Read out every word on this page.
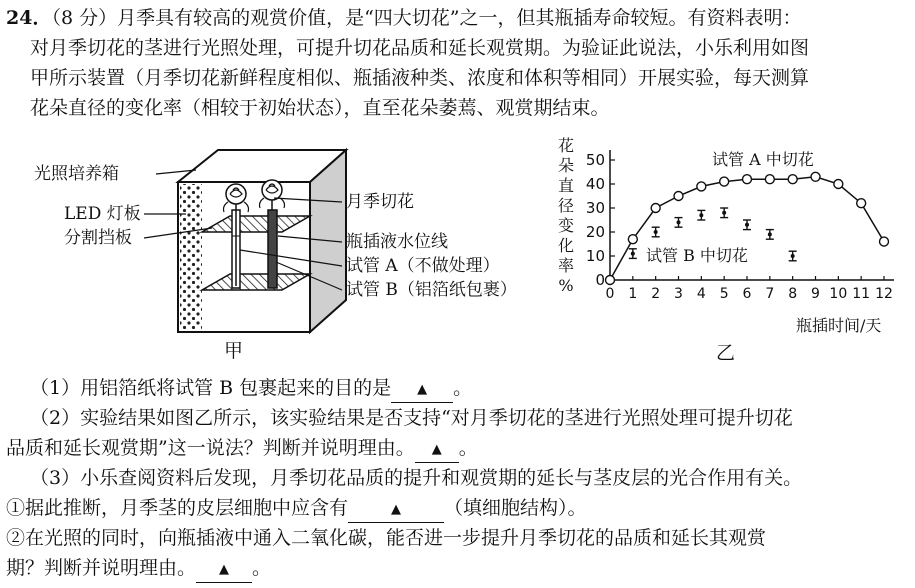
24．（8 分）月季具有较高的观赏价值，是“四大切花”之一，但其瓶插寿命较短。有资料表明：
对月季切花的茎进行光照处理，可提升切花品质和延长观赏期。为验证此说法，小乐利用如图
甲所示装置（月季切花新鲜程度相似、瓶插液种类、浓度和体积等相同）开展实验，每天测算
花朵直径的变化率（相较于初始状态），直至花朵萎蔫、观赏期结束。
光照培养箱
LED 灯板
分割挡板
月季切花
瓶插液水位线
试管 A（不做处理）
试管 B（铝箔纸包裹）
甲
花
朵
直
径
变
化
率
% 0
10
20
30
40
50
0 1 2 3 4 5 6 7 8 9 10 11 12
试管 A 中切花
试管 B 中切花
瓶插时间/天
乙
（1）用铝箔纸将试管 B 包裹起来的目的是 ▲ 。
（2）实验结果如图乙所示，该实验结果是否支持“对月季切花的茎进行光照处理可提升切花
品质和延长观赏期”这一说法？判断并说明理由。 ▲ 。
（3）小乐查阅资料后发现，月季切花品质的提升和观赏期的延长与茎皮层的光合作用有关。
①据此推断，月季茎的皮层细胞中应含有	▲ （填细胞结构）。
②在光照的同时，向瓶插液中通入二氧化碳，能否进一步提升月季切花的品质和延长其观赏
期？判断并说明理由。 ▲ 。
